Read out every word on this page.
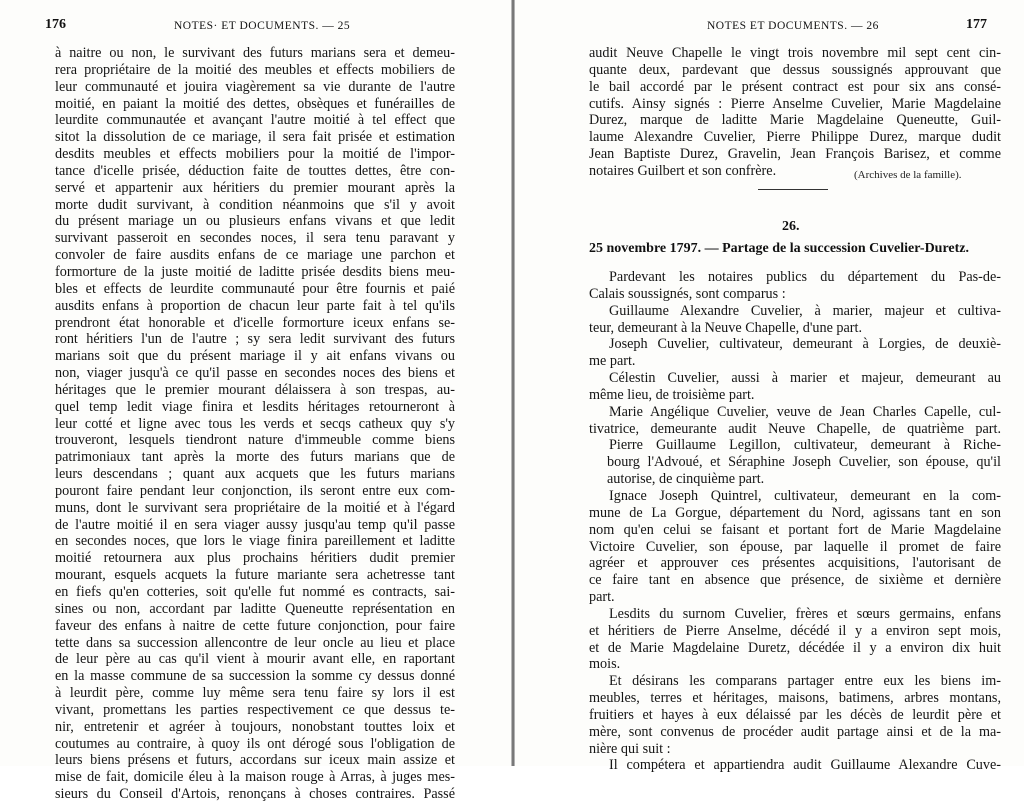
176	NOTES· ET DOCUMENTS. — 25
à naitre ou non, le survivant des futurs marians sera et demeu-
rera propriétaire de la moitié des meubles et effects mobiliers de
leur communauté et jouira viagèrement sa vie durante de l'autre
moitié, en paiant la moitié des dettes, obsèques et funérailles de
leurdite communautée et avançant l'autre moitié à tel effect que
sitot la dissolution de ce mariage, il sera fait prisée et estimation
desdits meubles et effects mobiliers pour la moitié de l'impor-
tance d'icelle prisée, déduction faite de touttes dettes, être con-
servé et appartenir aux héritiers du premier mourant après la
morte dudit survivant, à condition néanmoins que s'il y avoit
du présent mariage un ou plusieurs enfans vivans et que ledit
survivant passeroit en secondes noces, il sera tenu paravant y
convoler de faire ausdits enfans de ce mariage une parchon et
formorture de la juste moitié de laditte prisée desdits biens meu-
bles et effects de leurdite communauté pour être fournis et paié
ausdits enfans à proportion de chacun leur parte fait à tel qu'ils
prendront état honorable et d'icelle formorture iceux enfans se-
ront héritiers l'un de l'autre ; sy sera ledit survivant des futurs
marians soit que du présent mariage il y ait enfans vivans ou
non, viager jusqu'à ce qu'il passe en secondes noces des biens et
héritages que le premier mourant délaissera à son trespas, au-
quel temp ledit viage finira et lesdits héritages retourneront à
leur cotté et ligne avec tous les verds et secqs catheux quy s'y
trouveront, lesquels tiendront nature d'immeuble comme biens
patrimoniaux tant après la morte des futurs marians que de
leurs descendans ; quant aux acquets que les futurs marians
pouront faire pendant leur conjonction, ils seront entre eux com-
muns, dont le survivant sera propriétaire de la moitié et à l'égard
de l'autre moitié il en sera viager aussy jusqu'au temp qu'il passe
en secondes noces, que lors le viage finira pareillement et laditte
moitié retournera aux plus prochains héritiers dudit premier
mourant, esquels acquets la future mariante sera achetresse tant
en fiefs qu'en cotteries, soit qu'elle fut nommé es contracts, sai-
sines ou non, accordant par laditte Queneutte représentation en
faveur des enfans à naitre de cette future conjonction, pour faire
tette dans sa succession allencontre de leur oncle au lieu et place
de leur père au cas qu'il vient à mourir avant elle, en raportant
en la masse commune de sa succession la somme cy dessus donné
à leurdit père, comme luy même sera tenu faire sy lors il est
vivant, promettans les parties respectivement ce que dessus te-
nir, entretenir et agréer à toujours, nonobstant touttes loix et
coutumes au contraire, à quoy ils ont dérogé sous l'obligation de
leurs biens présens et futurs, accordans sur iceux main assize et
mise de fait, domicile éleu à la maison rouge à Arras, à juges mes-
sieurs du Conseil d'Artois, renonçans à choses contraires. Passé
NOTES ET DOCUMENTS. — 26	177
audit Neuve Chapelle le vingt trois novembre mil sept cent cin-
quante deux, pardevant que dessus soussignés approuvant que
le bail accordé par le présent contract est pour six ans consé-
cutifs. Ainsy signés : Pierre Anselme Cuvelier, Marie Magdelaine
Durez, marque de laditte Marie Magdelaine Queneutte, Guil-
laume Alexandre Cuvelier, Pierre Philippe Durez, marque dudit
Jean Baptiste Durez, Gravelin, Jean François Barisez, et comme
notaires Guilbert et son confrère.	(Archives de la famille).
26.
25 novembre 1797. — Partage de la succession Cuvelier-Duretz.
Pardevant les notaires publics du département du Pas-de-
Calais soussignés, sont comparus :
Guillaume Alexandre Cuvelier, à marier, majeur et cultiva-
teur, demeurant à la Neuve Chapelle, d'une part.
Joseph Cuvelier, cultivateur, demeurant à Lorgies, de deuxiè-
me part.
Célestin Cuvelier, aussi à marier et majeur, demeurant au
même lieu, de troisième part.
Marie Angélique Cuvelier, veuve de Jean Charles Capelle, cul-
tivatrice, demeurante audit Neuve Chapelle, de quatrième part.
Pierre Guillaume Legillon, cultivateur, demeurant à Riche-
bourg l'Advoué, et Séraphine Joseph Cuvelier, son épouse, qu'il
autorise, de cinquième part.
Ignace Joseph Quintrel, cultivateur, demeurant en la com-
mune de La Gorgue, département du Nord, agissans tant en son
nom qu'en celui se faisant et portant fort de Marie Magdelaine
Victoire Cuvelier, son épouse, par laquelle il promet de faire
agréer et approuver ces présentes acquisitions, l'autorisant de
ce faire tant en absence que présence, de sixième et dernière
part.
Lesdits du surnom Cuvelier, frères et sœurs germains, enfans
et héritiers de Pierre Anselme, décédé il y a environ sept mois,
et de Marie Magdelaine Duretz, décédée il y a environ dix huit
mois.
Et désirans les comparans partager entre eux les biens im-
meubles, terres et héritages, maisons, batimens, arbres montans,
fruitiers et hayes à eux délaissé par les décès de leurdit père et
mère, sont convenus de procéder audit partage ainsi et de la ma-
nière qui suit :
Il compétera et appartiendra audit Guillaume Alexandre Cuve-
